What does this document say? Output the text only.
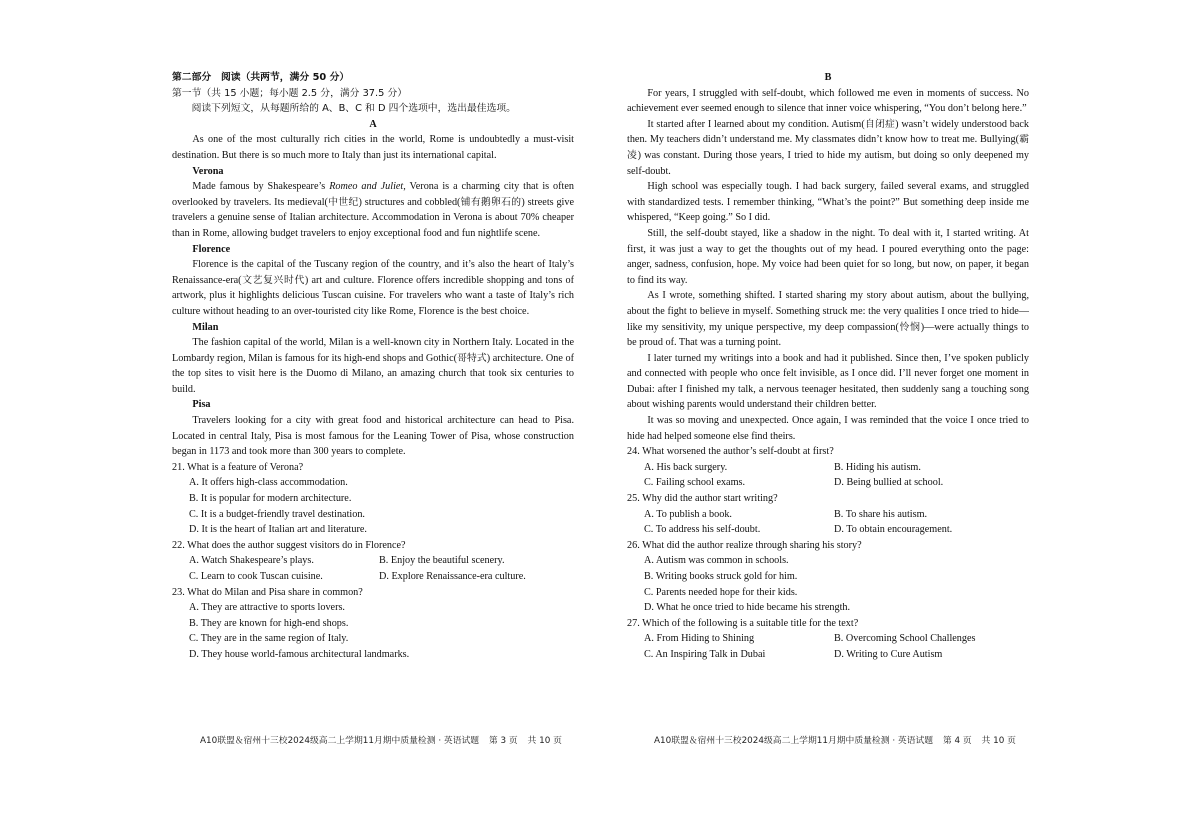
第二部分　阅读（共两节，满分 50 分）

第一节（共 15 小题；每小题 2.5 分，满分 37.5 分）

阅读下列短文，从每题所给的 A、B、C 和 D 四个选项中，选出最佳选项。

A

As one of the most culturally rich cities in the world, Rome is undoubtedly a must-visit destination. But there is so much more to Italy than just its international capital.

Verona

Made famous by Shakespeare’s Romeo and Juliet, Verona is a charming city that is often overlooked by travelers. Its medieval(中世纪) structures and cobbled(铺有鹅卵石的) streets give travelers a genuine sense of Italian architecture. Accommodation in Verona is about 70% cheaper than in Rome, allowing budget travelers to enjoy exceptional food and fun nightlife scene.

Florence

Florence is the capital of the Tuscany region of the country, and it’s also the heart of Italy’s Renaissance-era(文艺复兴时代) art and culture. Florence offers incredible shopping and tons of artwork, plus it highlights delicious Tuscan cuisine. For travelers who want a taste of Italy’s rich culture without heading to an over-touristed city like Rome, Florence is the best choice.

Milan

The fashion capital of the world, Milan is a well-known city in Northern Italy. Located in the Lombardy region, Milan is famous for its high-end shops and Gothic(哥特式) architecture. One of the top sites to visit here is the Duomo di Milano, an amazing church that took six centuries to build.

Pisa

Travelers looking for a city with great food and historical architecture can head to Pisa. Located in central Italy, Pisa is most famous for the Leaning Tower of Pisa, whose construction began in 1173 and took more than 300 years to complete.

21. What is a feature of Verona?

A. It offers high-class accommodation.
B. It is popular for modern architecture.
C. It is a budget-friendly travel destination.
D. It is the heart of Italian art and literature.

22. What does the author suggest visitors do in Florence?

A. Watch Shakespeare’s plays.	B. Enjoy the beautiful scenery.
C. Learn to cook Tuscan cuisine.	D. Explore Renaissance-era culture.

23. What do Milan and Pisa share in common?

A. They are attractive to sports lovers.
B. They are known for high-end shops.
C. They are in the same region of Italy.
D. They house world-famous architectural landmarks.

B

For years, I struggled with self-doubt, which followed me even in moments of success. No achievement ever seemed enough to silence that inner voice whispering, “You don’t belong here.”

It started after I learned about my condition. Autism(自闭症) wasn’t widely understood back then. My teachers didn’t understand me. My classmates didn’t know how to treat me. Bullying(霸凌) was constant. During those years, I tried to hide my autism, but doing so only deepened my self-doubt.

High school was especially tough. I had back surgery, failed several exams, and struggled with standardized tests. I remember thinking, “What’s the point?” But something deep inside me whispered, “Keep going.” So I did.

Still, the self-doubt stayed, like a shadow in the night. To deal with it, I started writing. At first, it was just a way to get the thoughts out of my head. I poured everything onto the page: anger, sadness, confusion, hope. My voice had been quiet for so long, but now, on paper, it began to find its way.

As I wrote, something shifted. I started sharing my story about autism, about the bullying, about the fight to believe in myself. Something struck me: the very qualities I once tried to hide—like my sensitivity, my unique perspective, my deep compassion(怜悯)—were actually things to be proud of. That was a turning point.

I later turned my writings into a book and had it published. Since then, I’ve spoken publicly and connected with people who once felt invisible, as I once did. I’ll never forget one moment in Dubai: after I finished my talk, a nervous teenager hesitated, then suddenly sang a touching song about wishing parents would understand their children better.

It was so moving and unexpected. Once again, I was reminded that the voice I once tried to hide had helped someone else find theirs.

24. What worsened the author’s self-doubt at first?

A. His back surgery.	B. Hiding his autism.
C. Failing school exams.	D. Being bullied at school.

25. Why did the author start writing?

A. To publish a book.	B. To share his autism.
C. To address his self-doubt.	D. To obtain encouragement.

26. What did the author realize through sharing his story?

A. Autism was common in schools.
B. Writing books struck gold for him.
C. Parents needed hope for their kids.
D. What he once tried to hide became his strength.

27. Which of the following is a suitable title for the text?

A. From Hiding to Shining	B. Overcoming School Challenges
C. An Inspiring Talk in Dubai	D. Writing to Cure Autism
A10联盟＆宿州十三校2024级高二上学期11月期中质量检测 · 英语试题 第 3 页 共 10 页	A10联盟＆宿州十三校2024级高二上学期11月期中质量检测 · 英语试题 第 4 页 共 10 页
